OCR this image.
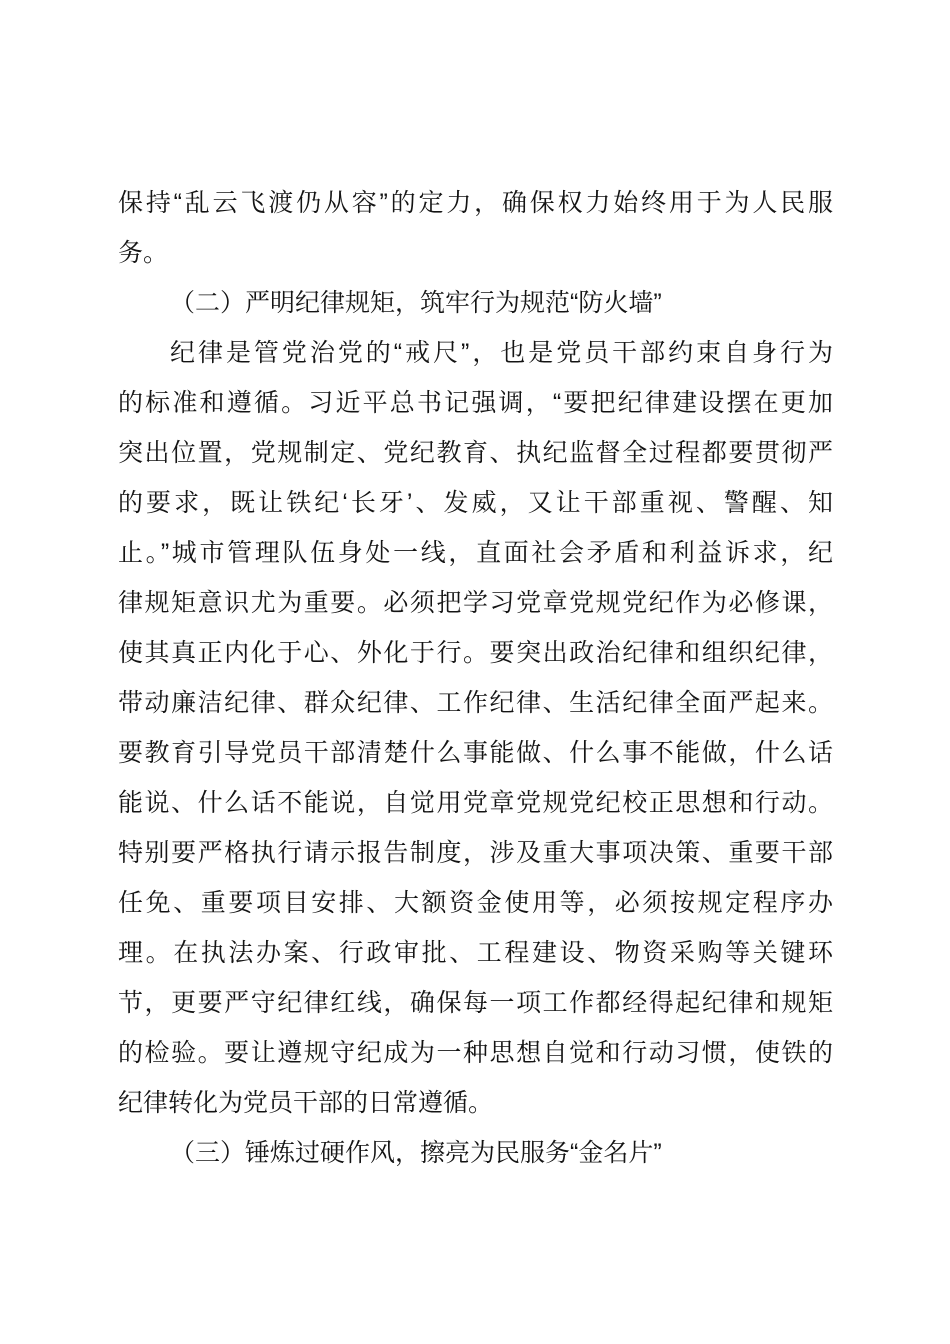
保持“乱云飞渡仍从容”的定力，确保权力始终用于为人民服
务。
（二）严明纪律规矩，筑牢行为规范“防火墙”
纪律是管党治党的“戒尺”，也是党员干部约束自身行为
的标准和遵循。习近平总书记强调，“要把纪律建设摆在更加
突出位置，党规制定、党纪教育、执纪监督全过程都要贯彻严
的要求，既让铁纪‘长牙’、发威，又让干部重视、警醒、知
止。”城市管理队伍身处一线，直面社会矛盾和利益诉求，纪
律规矩意识尤为重要。必须把学习党章党规党纪作为必修课，
使其真正内化于心、外化于行。要突出政治纪律和组织纪律，
带动廉洁纪律、群众纪律、工作纪律、生活纪律全面严起来。
要教育引导党员干部清楚什么事能做、什么事不能做，什么话
能说、什么话不能说，自觉用党章党规党纪校正思想和行动。
特别要严格执行请示报告制度，涉及重大事项决策、重要干部
任免、重要项目安排、大额资金使用等，必须按规定程序办
理。在执法办案、行政审批、工程建设、物资采购等关键环
节，更要严守纪律红线，确保每一项工作都经得起纪律和规矩
的检验。要让遵规守纪成为一种思想自觉和行动习惯，使铁的
纪律转化为党员干部的日常遵循。
（三）锤炼过硬作风，擦亮为民服务“金名片”
